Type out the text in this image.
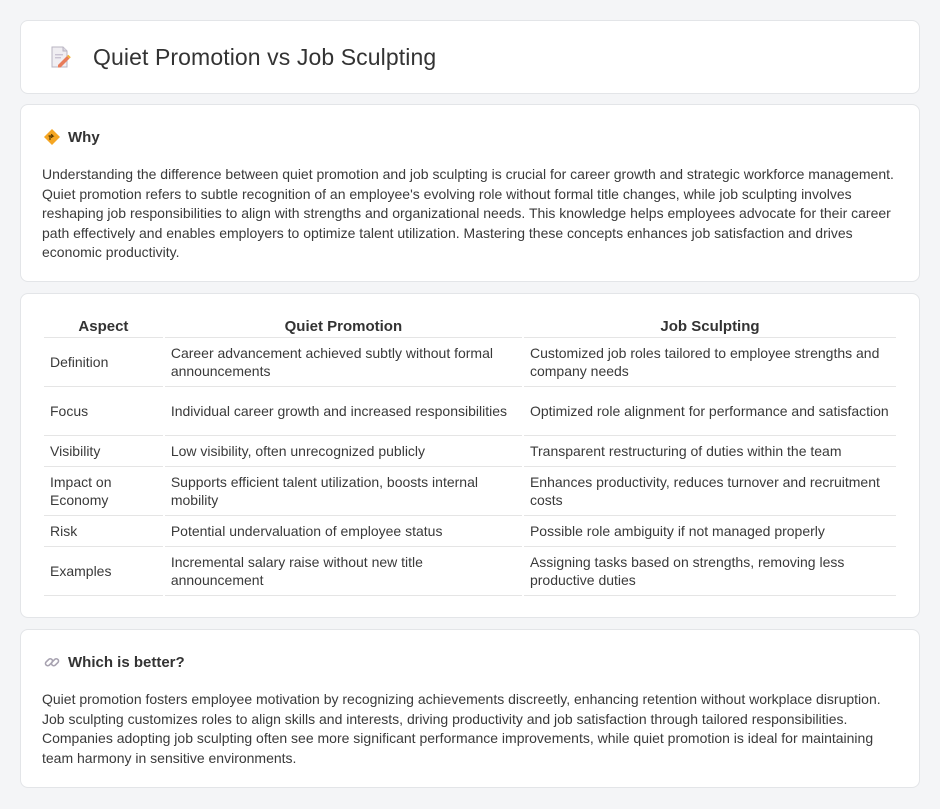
Quiet Promotion vs Job Sculpting
Why

Understanding the difference between quiet promotion and job sculpting is crucial for career growth and strategic workforce management. Quiet promotion refers to subtle recognition of an employee's evolving role without formal title changes, while job sculpting involves reshaping job responsibilities to align with strengths and organizational needs. This knowledge helps employees advocate for their career path effectively and enables employers to optimize talent utilization. Mastering these concepts enhances job satisfaction and drives economic productivity.

Aspect	Quiet Promotion	Job Sculpting
Definition	Career advancement achieved subtly without formal announcements	Customized job roles tailored to employee strengths and company needs
Focus	Individual career growth and increased responsibilities	Optimized role alignment for performance and satisfaction
Visibility	Low visibility, often unrecognized publicly	Transparent restructuring of duties within the team
Impact on Economy	Supports efficient talent utilization, boosts internal mobility	Enhances productivity, reduces turnover and recruitment costs
Risk	Potential undervaluation of employee status	Possible role ambiguity if not managed properly
Examples	Incremental salary raise without new title announcement	Assigning tasks based on strengths, removing less productive duties
Which is better?

Quiet promotion fosters employee motivation by recognizing achievements discreetly, enhancing retention without workplace disruption. Job sculpting customizes roles to align skills and interests, driving productivity and job satisfaction through tailored responsibilities. Companies adopting job sculpting often see more significant performance improvements, while quiet promotion is ideal for maintaining team harmony in sensitive environments.
